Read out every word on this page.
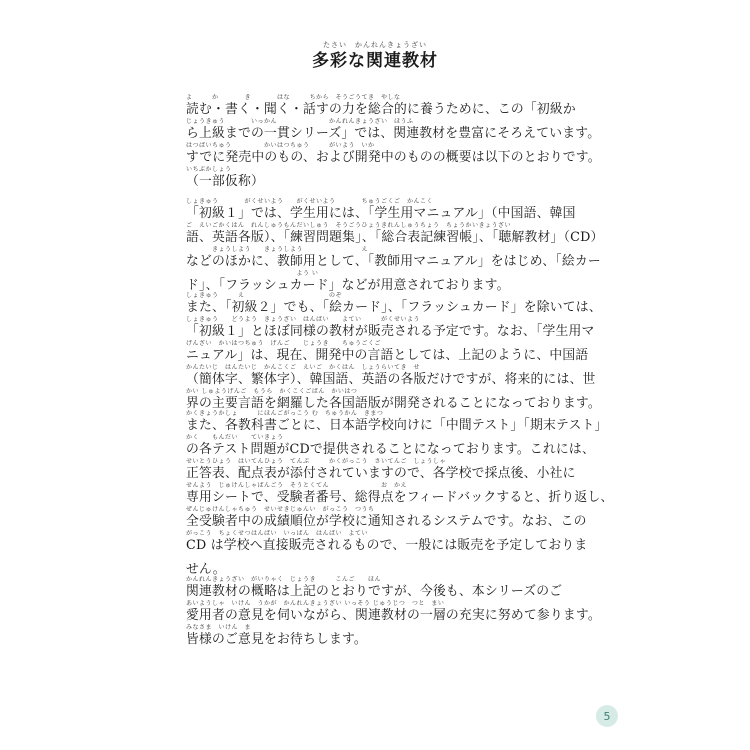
たさい　かんれんきょうざい
多彩な関連教材
よ　　　か　　　　き　　　　はな　　　ちから　そうごうてき　やしな
読む・書く・聞く・話すの力を総合的に養うために、この「初級か
じょうきゅう　　　　いっかん　　　　　　　　かんれんきょうざい　ほうふ
ら上級までの一貫シリーズ」では、関連教材を豊富にそろえています。
はつばいちゅう　　　　　かいはつちゅう　　　がいよう　いか
すでに発売中のもの、および開発中のものの概要は以下のとおりです。
いちぶかしょう
（一部仮称）
しょきゅう　　　　がくせいよう　　がくせいよう　　　　ちゅうごくご　かんこく
「初級１」では、学生用には、「学生用マニュアル」（中国語、韓国
ご　えいごかくはん　れんしゅうもんだいしゅう　そうごうひょうきれんしゅうちょう　ちょうかいきょうざい
語、英語各版）、「練習問題集」、「総合表記練習帳」、「聴解教材」（CD）
　　　　きょうしよう　　きょうしよう　　　　　　　　　え
などのほかに、教師用として、「教師用マニュアル」をはじめ、「絵カー
　　　　　　　　　　　　　　　　　よう い
ド」、「フラッシュカード」などが用意されております。
しょきゅう　　　え　　　　　　　　　　　　　のぞ
また、「初級２」でも、「絵カード」、「フラッシュカード」を除いては、
しょきゅう　　どうよう　きょうざい　はんばい　　よてい　　　がくせいよう
「初級１」とほぼ同様の教材が販売される予定です。なお、「学生用マ
げんざい　かいはつちゅう　げんご　　じょうき　　ちゅうごくご
ニュアル」は、現在、開発中の言語としては、上記のように、中国語
かんたいじ　はんたいじ　かんこくご　えいご　かくはん　しょうらいてき　せ
（簡体字、繁体字）、韓国語、英語の各版だけですが、将来的には、世
かい しゅようげんご　もうら　かくこくごばん　かいはつ
界の主要言語を網羅した各国語版が開発されることになっております。
かくきょうかしょ　　　にほんごがっこう む　ちゅうかん　きまつ
また、各教科書ごとに、日本語学校向けに「中間テスト」「期末テスト」
かく　　もんだい　　ていきょう
の各テスト問題がCDで提供されることになっております。これには、
せいとうひょう　はいてんひょう　てんぷ　　　かくがっこう　さいてんご　しょうしゃ
正答表、配点表が添付されていますので、各学校で採点後、小社に
せんよう　じゅけんしゃばんごう　そうとくてん　　　　　　　　お　かえ
専用シートで、受験者番号、総得点をフィードバックすると、折り返し、
ぜんじゅけんしゃちゅう　せいせきじゅんい　がっこう　つうち
全受験者中の成績順位が学校に通知されるシステムです。なお、この
がっこう　ちょくせつはんばい　いっぱん　はんばい　よてい
CD は学校へ直接販売されるもので、一般には販売を予定しておりま
せん。
かんれんきょうざい　がいりゃく　じょうき　　　こんご　　ほん
関連教材の概略は上記のとおりですが、今後も、本シリーズのご
あいようしゃ　いけん　うかが　かんれんきょうざい いっそう じゅうじつ　つと　まい
愛用者の意見を伺いながら、関連教材の一層の充実に努めて参ります。
みなさま　いけん　ま
皆様のご意見をお待ちします。
5
